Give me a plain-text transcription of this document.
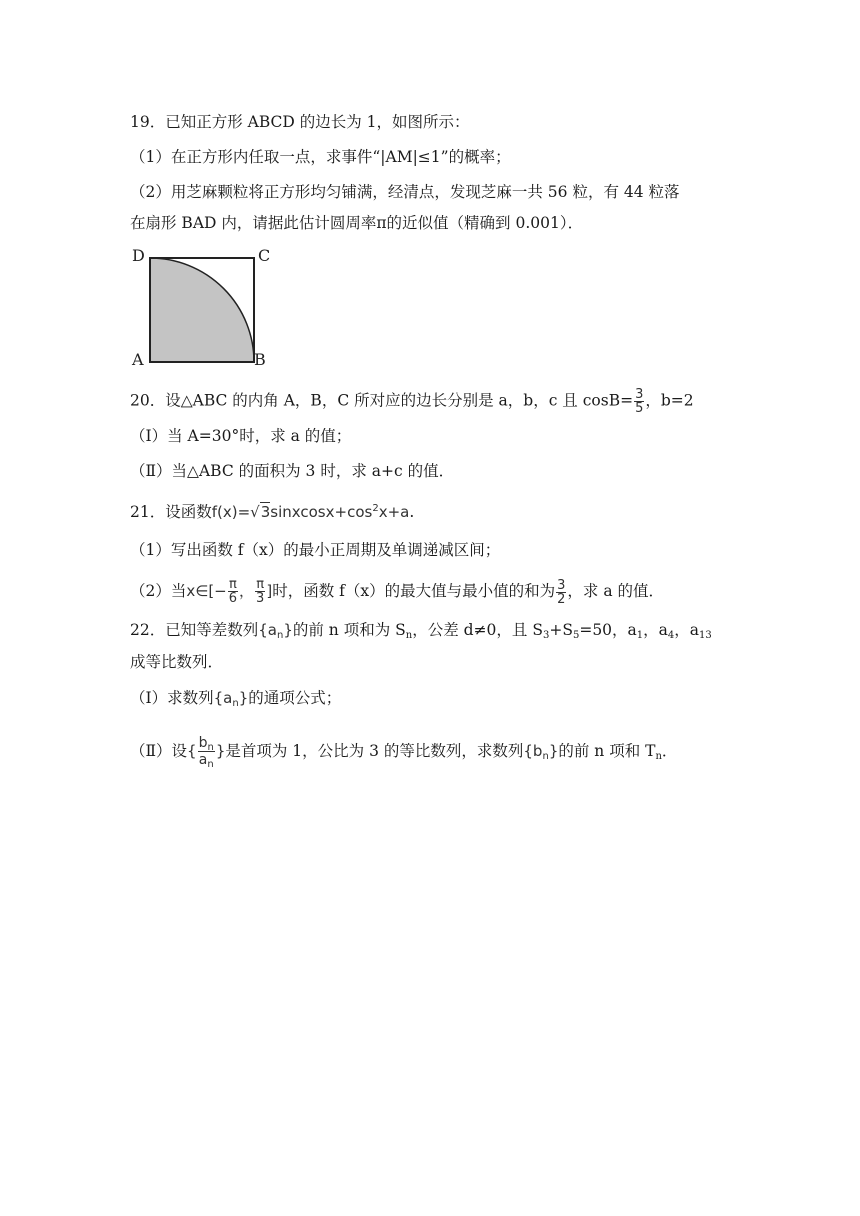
19．已知正方形 ABCD 的边长为 1，如图所示：
（1）在正方形内任取一点，求事件“|AM|≤1”的概率；
（2）用芝麻颗粒将正方形均匀铺满，经清点，发现芝麻一共 56 粒，有 44 粒落
在扇形 BAD 内，请据此估计圆周率π的近似值（精确到 0.001）．
D	C
A	B
20．设△ABC 的内角 A，B，C 所对应的边长分别是 a，b，c 且 $\cos B= \frac{3}{5}$ ，b=2
（Ⅰ）当 A=30°时，求 a 的值；
（Ⅱ）当△ABC 的面积为 3 时，求 a+c 的值．
21．设函数$f(x)=√3sinxcosx+\cos^2x+a$.
（1）写出函数 f（x）的最小正周期及单调递减区间；
（2）当x∈[− $\frac{\pi}{6}$ ， $\frac{\pi}{3}$ ]时，函数 f（x）的最大值与最小值的和为 $\frac{3}{2}$ ，求 a 的值．
22．已知等差数列$\{a_n\}$的前 n 项和为 $S_n$，公差 d≠0，且 $S_3+S_5=50$，$a_1$，$a_4$，$a_{13}$
成等比数列．
（Ⅰ）求数列$\{a_n\}$的通项公式；
（Ⅱ）设{ $\frac{b_n}{a_n}$ }是首项为 1，公比为 3 的等比数列，求数列$\{b_n\}$的前 n 项和 $T_n$．
